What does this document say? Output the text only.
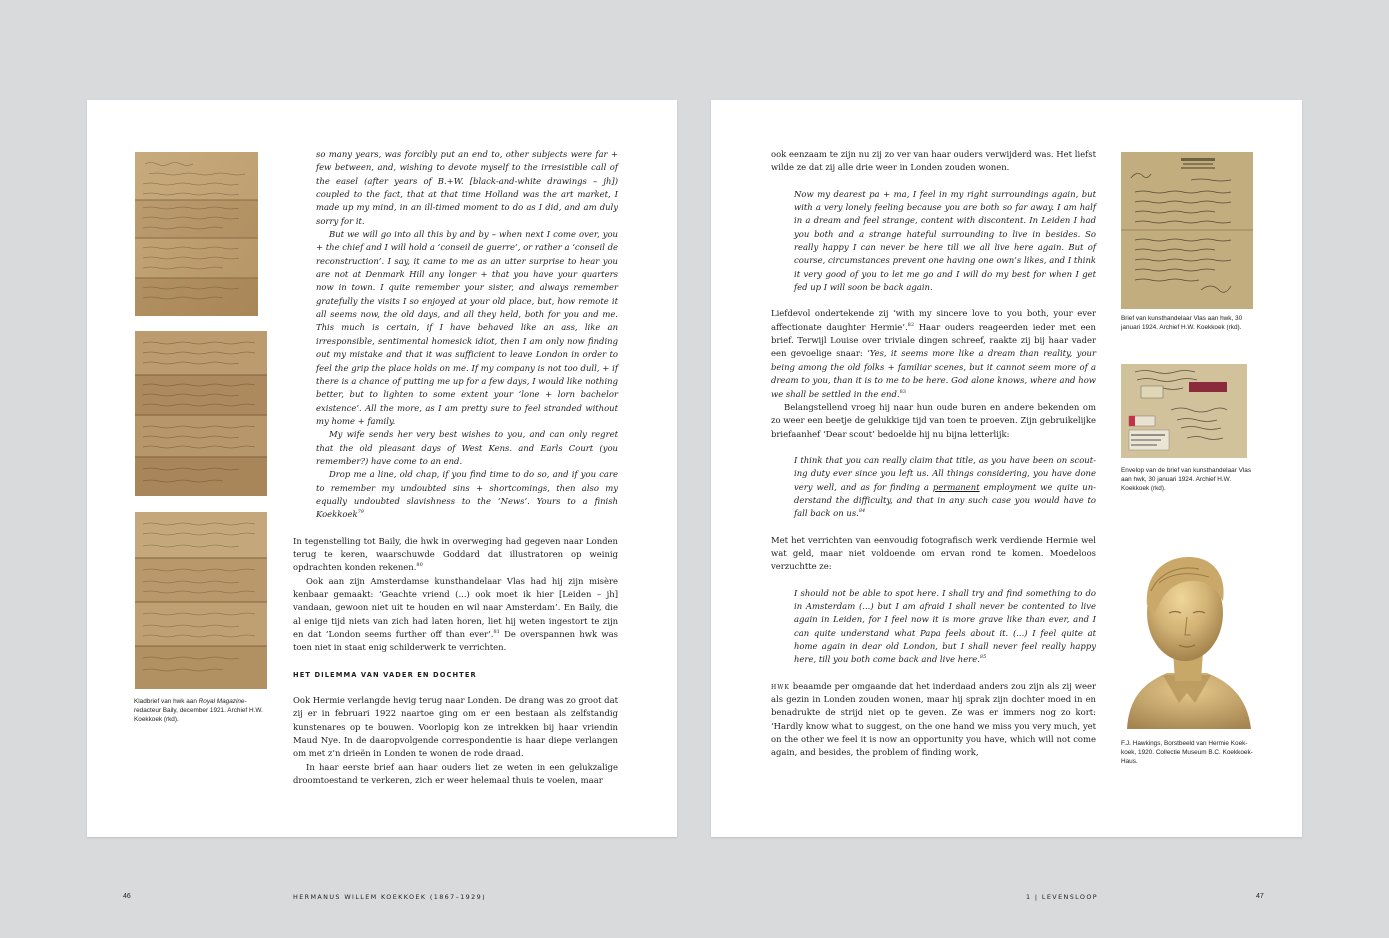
Kladbrief van hwk aan Royal Magazine-redacteur Baily, december 1921. Archief H.W. Koekkoek (rkd).

so many years, was forcibly put an end to, other subjects were far + few between, and, wishing to devote myself to the irresistible call of the easel (after years of B.+W. [black-and-white drawings – jh]) coupled to the fact, that at that time Holland was the art market, I made up my mind, in an ill-timed moment to do as I did, and am duly sorry for it.

But we will go into all this by and by – when next I come over, you + the chief and I will hold a ‘conseil de guerre’, or rather a ‘conseil de reconstruction’. I say, it came to me as an utter surprise to hear you are not at Denmark Hill any longer + that you have your quarters now in town. I quite remember your sister, and always remember gratefully the visits I so enjoyed at your old place, but, how remote it all seems now, the old days, and all they held, both for you and me. This much is certain, if I have behaved like an ass, like an irresponsible, sentimental homesick idiot, then I am only now finding out my mistake and that it was sufficient to leave London in order to feel the grip the place holds on me. If my company is not too dull, + if there is a chance of putting me up for a few days, I would like nothing better, but to lighten to some extent your ‘lone + lorn bachelor existence’. All the more, as I am pretty sure to feel stranded without my home + family.

My wife sends her very best wishes to you, and can only regret that the old pleasant days of West Kens. and Earls Court (you remember?) have come to an end.

Drop me a line, old chap, if you find time to do so, and if you care to remember my undoubted sins + shortcomings, then also my equally undoubted slavishness to the ‘News’. Yours to a finish Koekkoek$^{79}$

In tegenstelling tot Baily, die hwk in overweging had gegeven naar Londen terug te keren, waarschuwde Goddard dat illustratoren op weinig opdrachten konden rekenen.$^{80}$

Ook aan zijn Amsterdamse kunsthandelaar Vlas had hij zijn misère kenbaar gemaakt: ‘Geachte vriend (...) ook moet ik hier [Leiden – jh] vandaan, gewoon niet uit te houden en wil naar Amsterdam’. En Baily, die al enige tijd niets van zich had laten horen, liet hij weten ingestort te zijn en dat ‘London seems further off than ever’.$^{81}$ De overspannen hwk was toen niet in staat enig schilderwerk te verrichten.

HET DILEMMA VAN VADER EN DOCHTER

Ook Hermie verlangde hevig terug naar Londen. De drang was zo groot dat zij er in februari 1922 naartoe ging om er een bestaan als zelfstandig kunstenares op te bouwen. Voorlopig kon ze intrekken bij haar vriendin Maud Nye. In de daaropvolgende correspondentie is haar diepe verlangen om met z’n drieën in Londen te wonen de rode draad.

In haar eerste brief aan haar ouders liet ze weten in een gelukzalige droomtoestand te verkeren, zich er weer helemaal thuis te voelen, maar

46	HERMANUS WILLEM KOEKKOEK (1867–1929)

ook eenzaam te zijn nu zij zo ver van haar ouders verwijderd was. Het liefst wilde ze dat zij alle drie weer in Londen zouden wonen.

Now my dearest pa + ma, I feel in my right surroundings again, but with a very lonely feeling because you are both so far away. I am half in a dream and feel strange, content with discontent. In Leiden I had you both and a strange hateful surrounding to live in besides. So really happy I can never be here till we all live here again. But of course, circumstances prevent one having one own’s likes, and I think it very good of you to let me go and I will do my best for when I get fed up I will soon be back again.

Liefdevol ondertekende zij ‘with my sincere love to you both, your ever affectionate daughter Hermie’.$^{82}$ Haar ouders reageerden ieder met een brief. Terwijl Louise over triviale dingen schreef, raakte zij bij haar vader een gevoelige snaar: ‘Yes, it seems more like a dream than reality, your being among the old folks + familiar scenes, but it cannot seem more of a dream to you, than it is to me to be here. God alone knows, where and how we shall be settled in the end.$^{83}$

Belangstellend vroeg hij naar hun oude buren en andere bekenden om zo weer een beetje de gelukkige tijd van toen te proeven. Zijn gebruikelijke briefaanhef ‘Dear scout’ bedoelde hij nu bijna letterlijk:

I think that you can really claim that title, as you have been on scouting duty ever since you left us. All things considering, you have done very well, and as for finding a permanent employment we quite understand the difficulty, and that in any such case you would have to fall back on us.$^{84}$

Met het verrichten van eenvoudig fotografisch werk verdiende Hermie wel wat geld, maar niet voldoende om ervan rond te komen. Moedeloos verzuchtte ze:

I should not be able to spot here. I shall try and find something to do in Amsterdam (...) but I am afraid I shall never be contented to live again in Leiden, for I feel now it is more grave like than ever, and I can quite understand what Papa feels about it. (...) I feel quite at home again in dear old London, but I shall never feel really happy here, till you both come back and live here.$^{85}$

hwk beaamde per omgaande dat het inderdaad anders zou zijn als zij weer als gezin in Londen zouden wonen, maar hij sprak zijn dochter moed in en benadrukte de strijd niet op te geven. Ze was er immers nog zo kort: ‘Hardly know what to suggest, on the one hand we miss you very much, yet on the other we feel it is now an opportunity you have, which will not come again, and besides, the problem of finding work,

Brief van kunsthandelaar Vlas aan hwk, 30 januari 1924. Archief H.W. Koekkoek (rkd).
Envelop van de brief van kunsthandelaar Vlas aan hwk, 30 januari 1924. Archief H.W. Koekkoek (rkd).
F.J. Hawkings, Borstbeeld van Hermie Koekkoek, 1920. Collectie Museum B.C. Koekkoek-Haus.
1 | LEVENSLOOP	47
